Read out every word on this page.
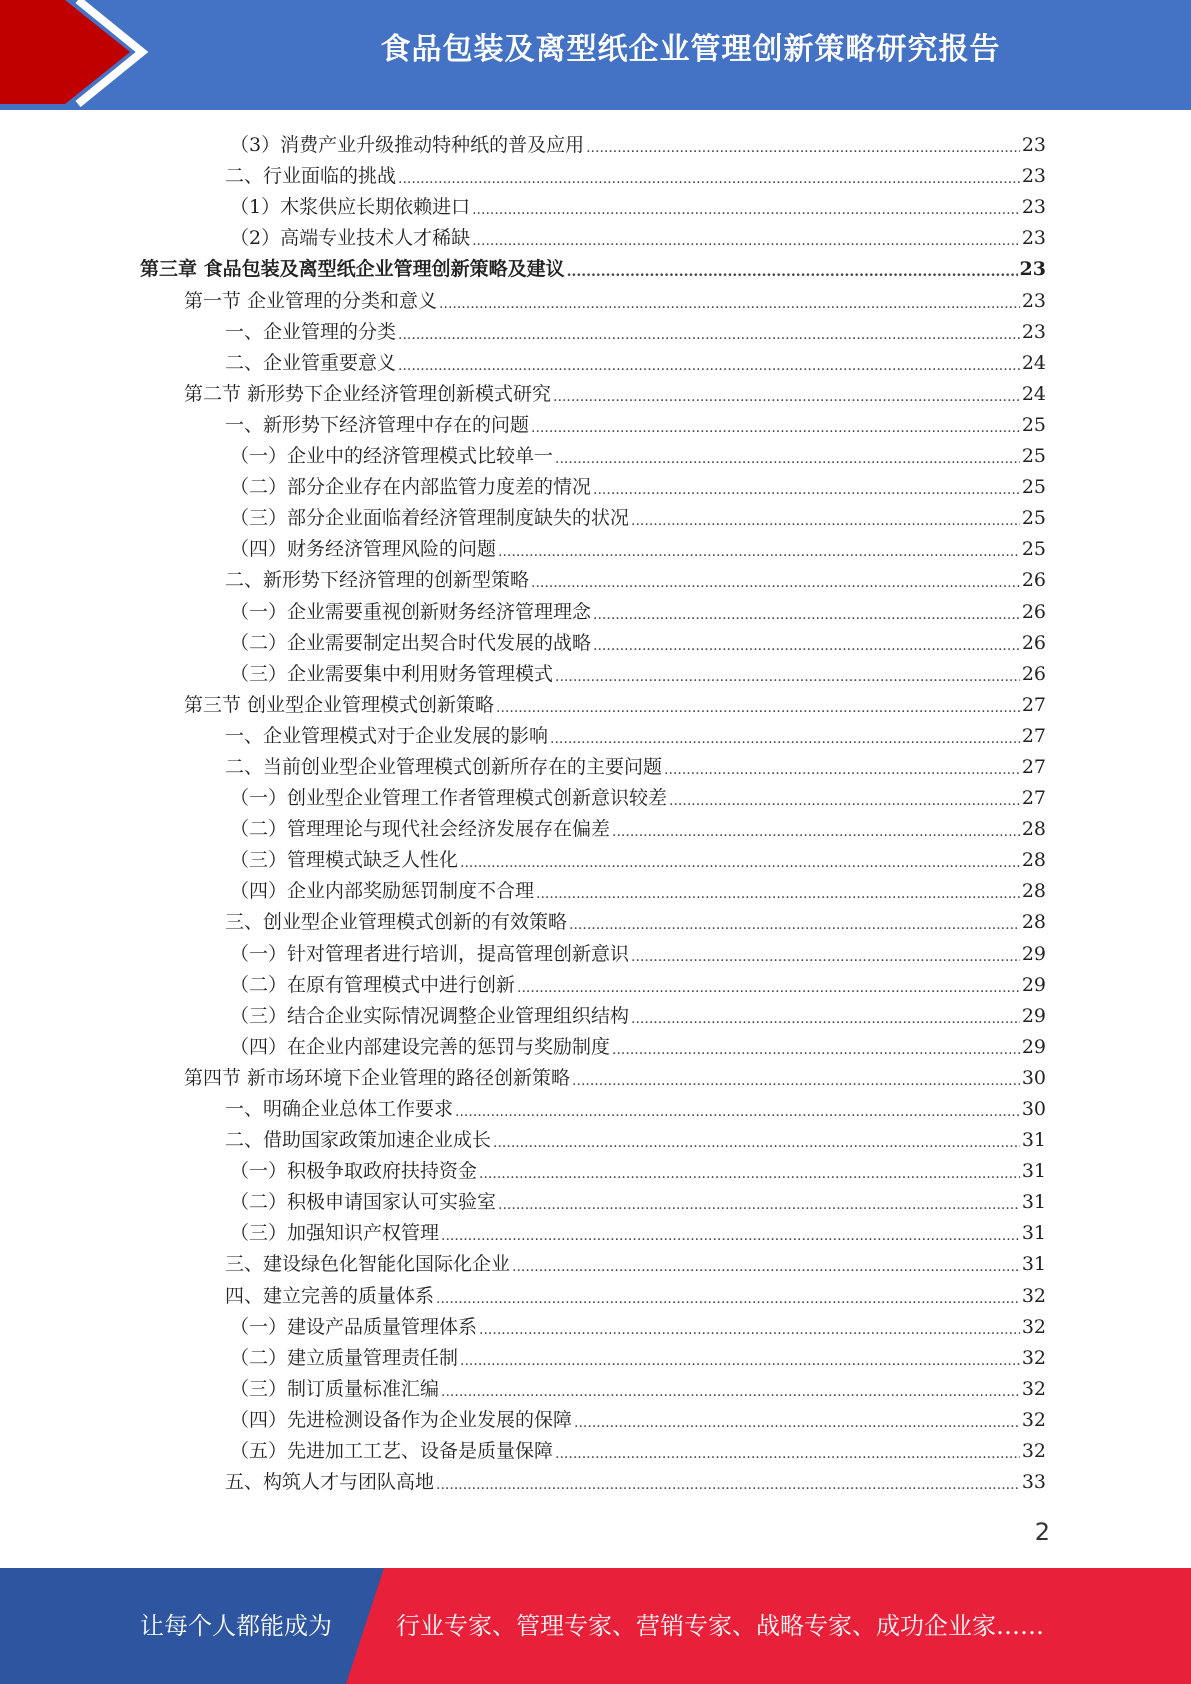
食品包装及离型纸企业管理创新策略研究报告
（3）消费产业升级推动特种纸的普及应用 .....	23
二、行业面临的挑战 .....	23
（1）木浆供应长期依赖进口 .....	23
（2）高端专业技术人才稀缺 .....	23
第三章 食品包装及离型纸企业管理创新策略及建议 .....	23
第一节 企业管理的分类和意义 .....	23
一、企业管理的分类 .....	23
二、企业管重要意义 .....	24
第二节 新形势下企业经济管理创新模式研究 .....	24
一、新形势下经济管理中存在的问题 .....	25
（一）企业中的经济管理模式比较单一 .....	25
（二）部分企业存在内部监管力度差的情况 .....	25
（三）部分企业面临着经济管理制度缺失的状况 .....	25
（四）财务经济管理风险的问题 .....	25
二、新形势下经济管理的创新型策略 .....	26
（一）企业需要重视创新财务经济管理理念 .....	26
（二）企业需要制定出契合时代发展的战略 .....	26
（三）企业需要集中利用财务管理模式 .....	26
第三节 创业型企业管理模式创新策略 .....	27
一、企业管理模式对于企业发展的影响 .....	27
二、当前创业型企业管理模式创新所存在的主要问题 .....	27
（一）创业型企业管理工作者管理模式创新意识较差 .....	27
（二）管理理论与现代社会经济发展存在偏差 .....	28
（三）管理模式缺乏人性化 .....	28
（四）企业内部奖励惩罚制度不合理 .....	28
三、创业型企业管理模式创新的有效策略 .....	28
（一）针对管理者进行培训，提高管理创新意识 .....	29
（二）在原有管理模式中进行创新 .....	29
（三）结合企业实际情况调整企业管理组织结构 .....	29
（四）在企业内部建设完善的惩罚与奖励制度 .....	29
第四节 新市场环境下企业管理的路径创新策略 .....	30
一、明确企业总体工作要求 .....	30
二、借助国家政策加速企业成长 .....	31
（一）积极争取政府扶持资金 .....	31
（二）积极申请国家认可实验室 .....	31
（三）加强知识产权管理 .....	31
三、建设绿色化智能化国际化企业 .....	31
四、建立完善的质量体系 .....	32
（一）建设产品质量管理体系 .....	32
（二）建立质量管理责任制 .....	32
（三）制订质量标准汇编 .....	32
（四）先进检测设备作为企业发展的保障 .....	32
（五）先进加工工艺、设备是质量保障 .....	32
五、构筑人才与团队高地 .....	33
2
让每个人都能成为	行业专家、管理专家、营销专家、战略专家、成功企业家……
